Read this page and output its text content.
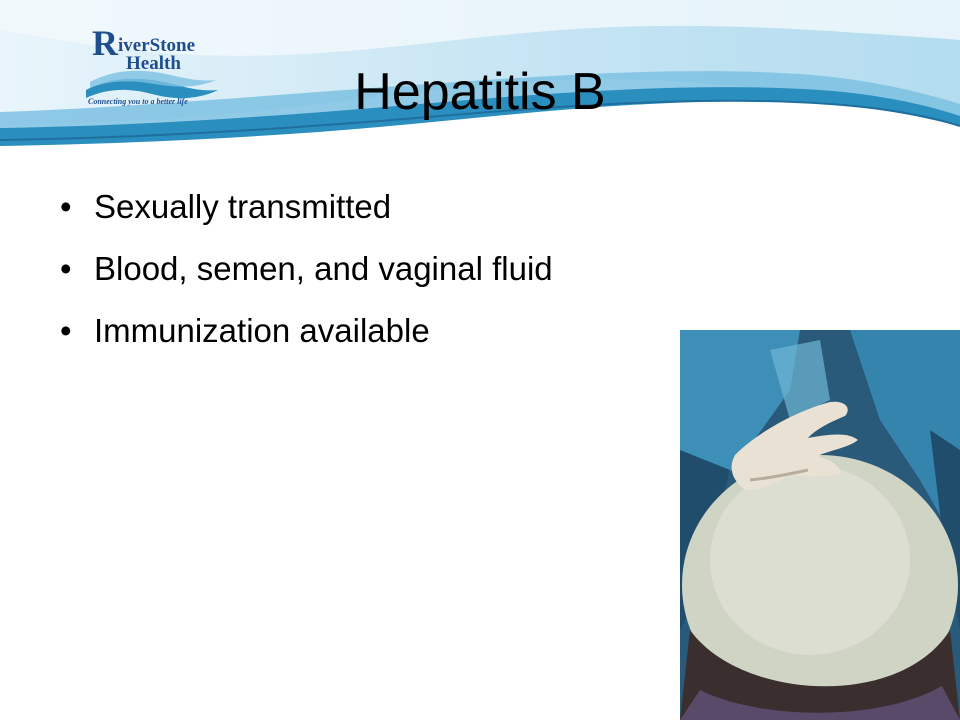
RiverStone
Health
Connecting you to a better life	Hepatitis B
• Sexually transmitted
• Blood, semen, and vaginal fluid
• Immunization available
